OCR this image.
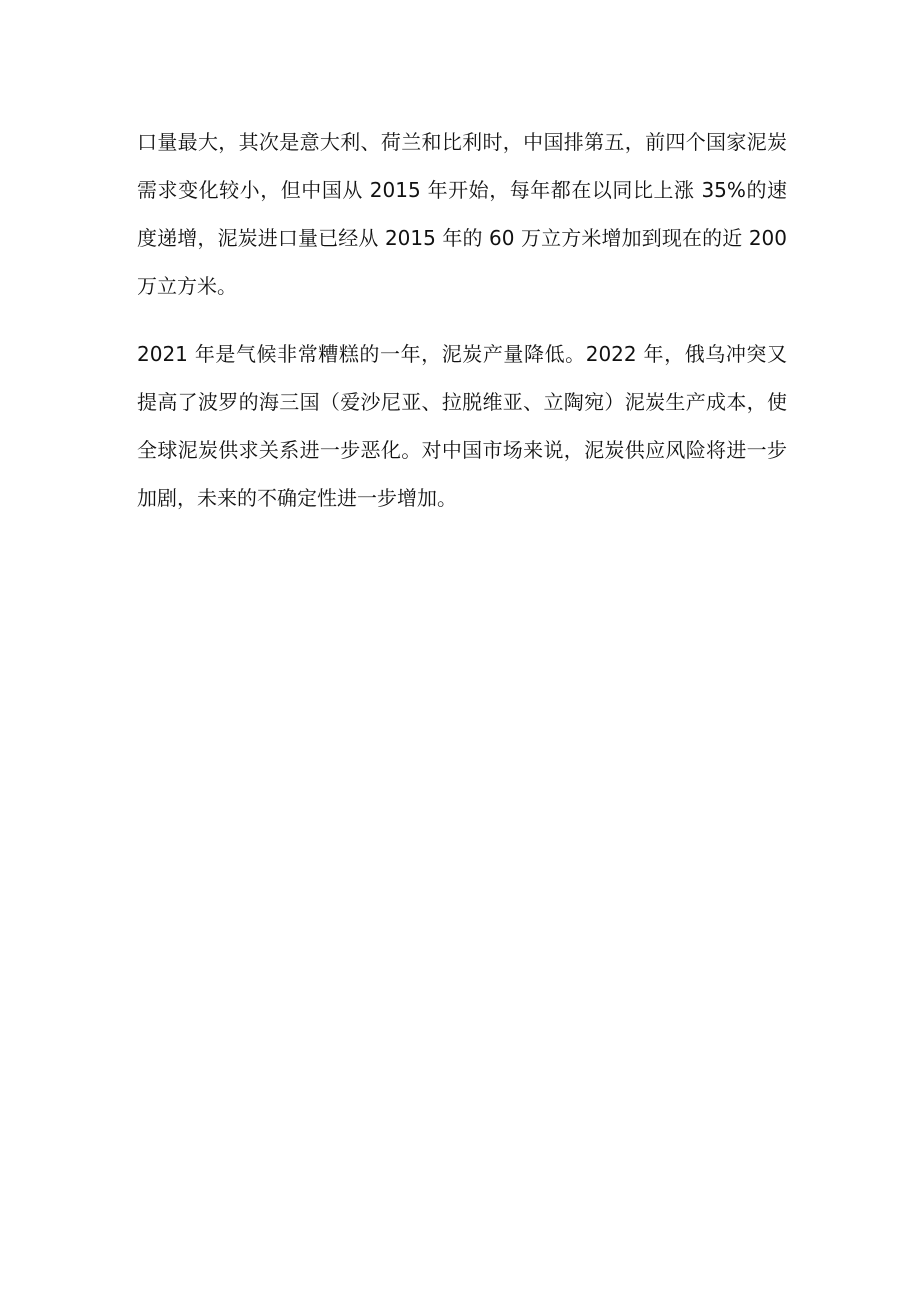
口量最大，其次是意大利、荷兰和比利时，中国排第五，前四个国家泥炭需求变化较小，但中国从 2015 年开始，每年都在以同比上涨 35%的速度递增，泥炭进口量已经从 2015 年的 60 万立方米增加到现在的近 200 万立方米。

2021 年是气候非常糟糕的一年，泥炭产量降低。2022 年，俄乌冲突又提高了波罗的海三国（爱沙尼亚、拉脱维亚、立陶宛）泥炭生产成本，使全球泥炭供求关系进一步恶化。对中国市场来说，泥炭供应风险将进一步加剧，未来的不确定性进一步增加。
